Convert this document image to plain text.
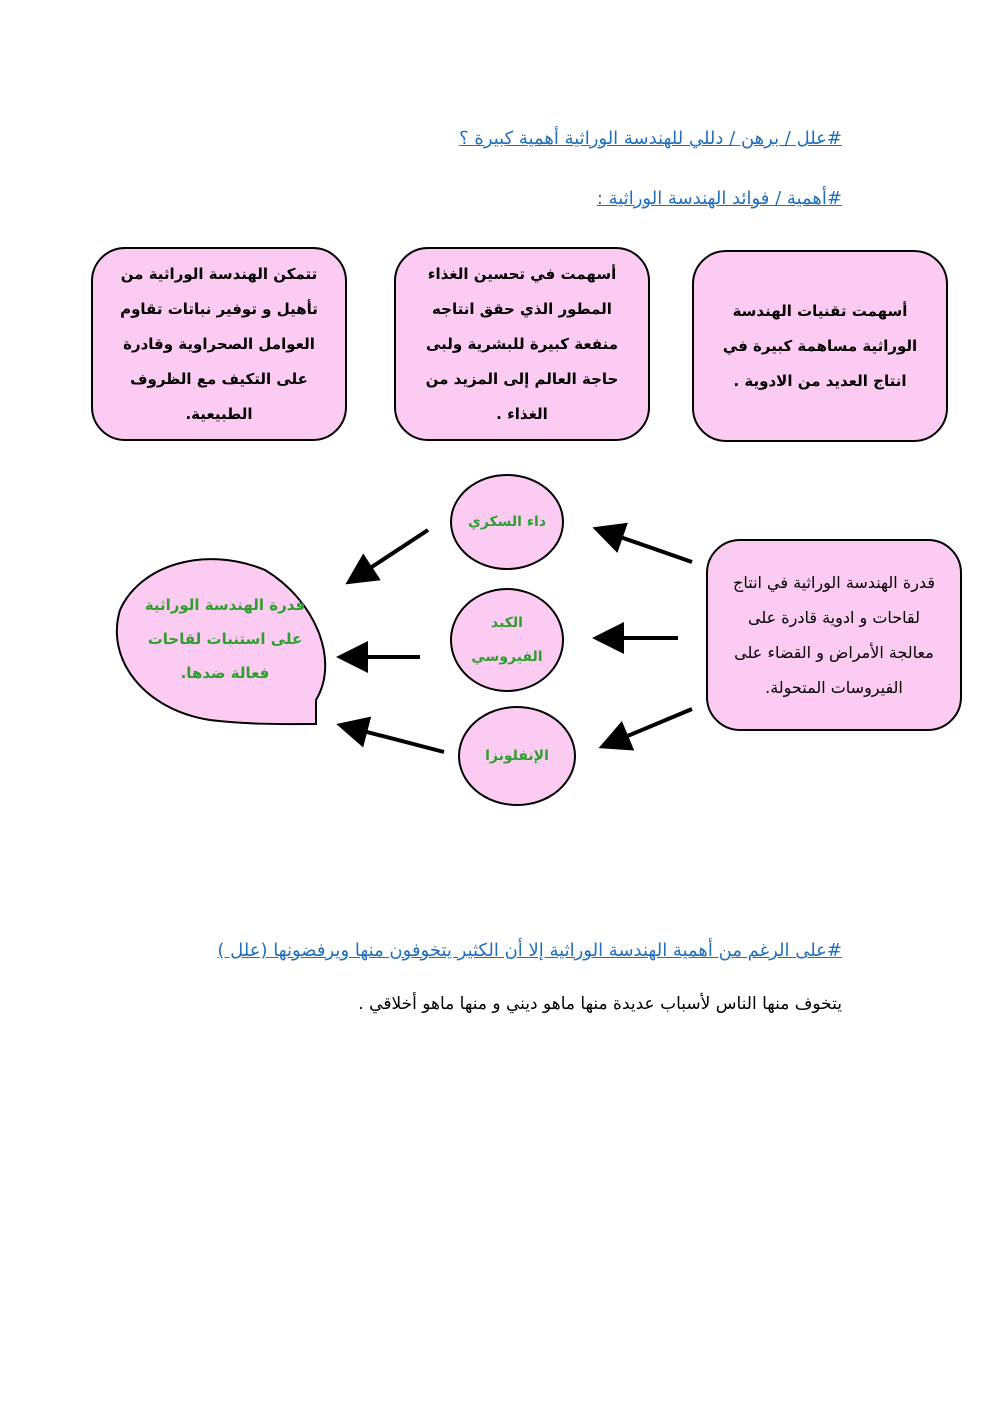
#علل / برهن / دللي للهندسة الوراثية أهمية كبيرة ؟
#أهمية / فوائد الهندسة الوراثية :
أسهمت تقنيات الهندسة الوراثية مساهمة كبيرة في انتاج العديد من الادوية .
أسهمت في تحسين الغذاء المطور الذي حقق انتاجه منفعة كبيرة للبشرية ولبى حاجة العالم إلى المزيد من الغذاء .
تتمكن الهندسة الوراثية من تأهيل و توفير نباتات تقاوم العوامل الصحراوية وقادرة على التكيف مع الظروف الطبيعية.
قدرة الهندسة الوراثية في انتاج لقاحات و ادوية قادرة على معالجة الأمراض و القضاء على الفيروسات المتحولة.
داء السكري
الكبد الفيروسي
الإنفلونزا
قدرة الهندسة الوراثية على استنبات لقاحات فعالة ضدها.
#على الرغم من أهمية الهندسة الوراثية إلا أن الكثير يتخوفون منها ويرفضونها (علل )
يتخوف منها الناس لأسباب عديدة منها ماهو ديني و منها ماهو أخلاقي .
